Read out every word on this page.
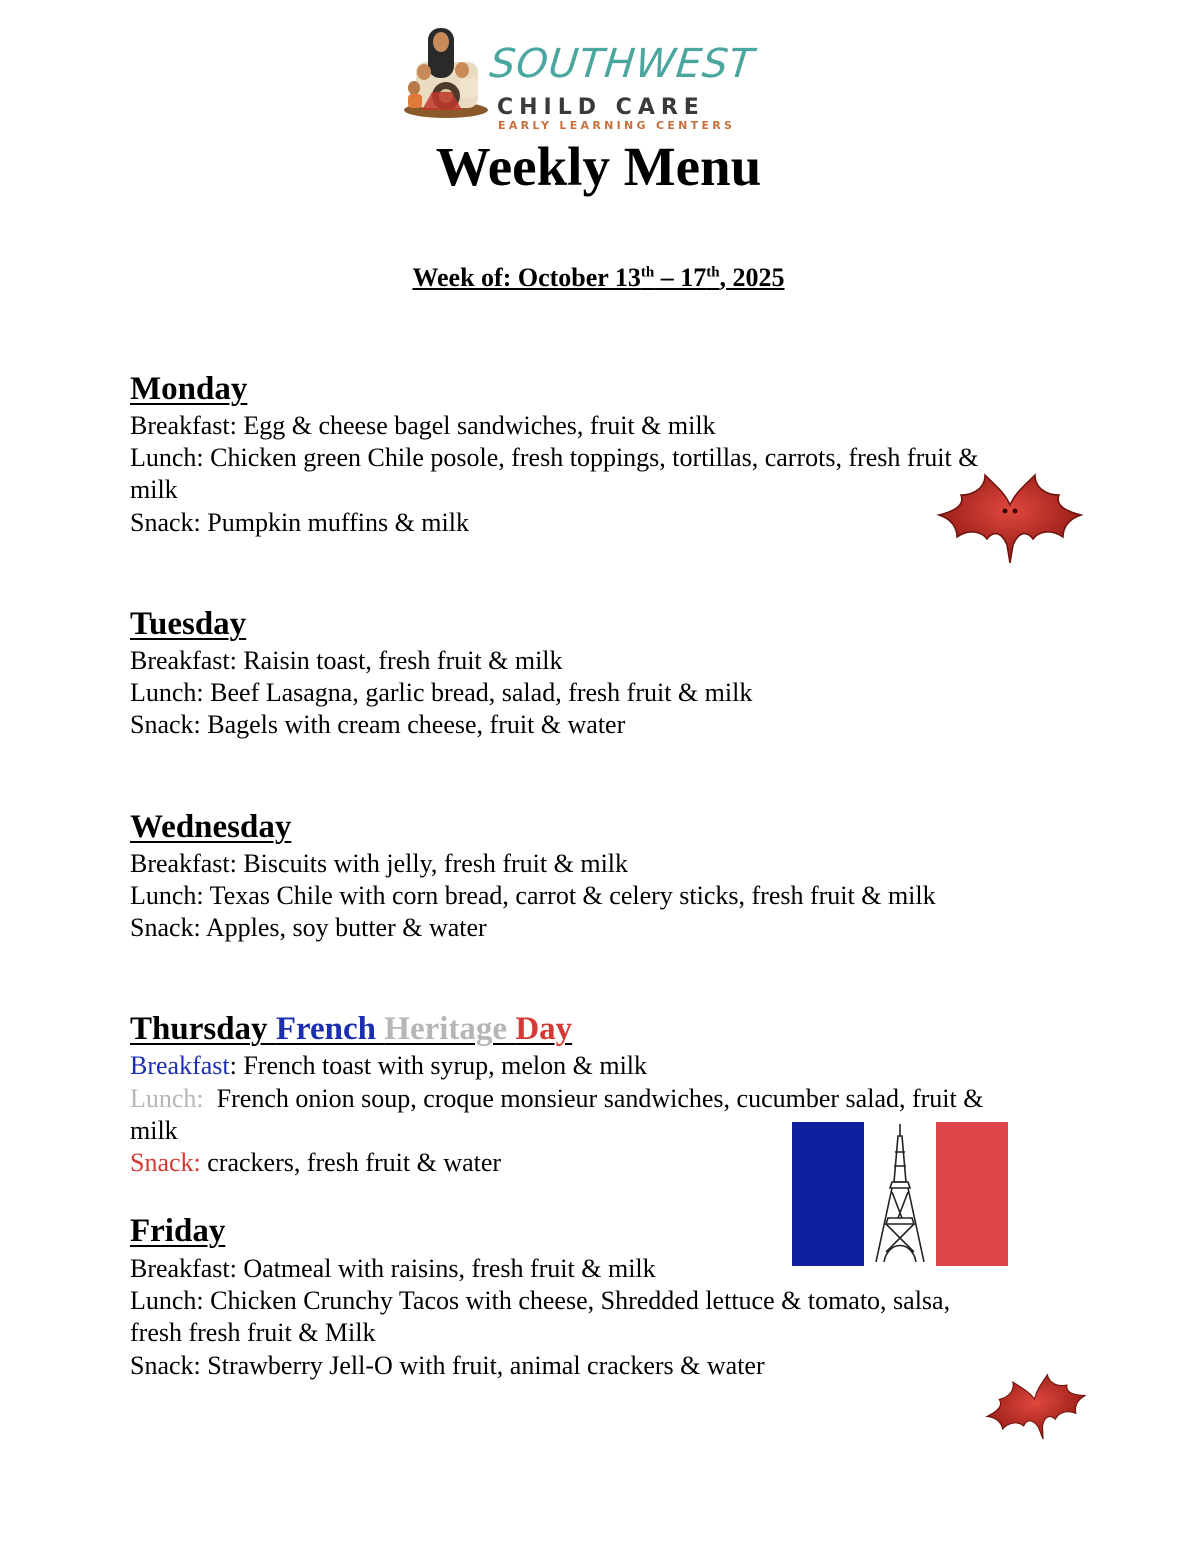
SOUTHWEST
CHILD CARE
EARLY LEARNING CENTERS
Weekly Menu
Week of: October 13th – 17th, 2025
Monday
Breakfast: Egg & cheese bagel sandwiches, fruit & milk
Lunch: Chicken green Chile posole, fresh toppings, tortillas, carrots, fresh fruit &
milk
Snack: Pumpkin muffins & milk
Tuesday
Breakfast: Raisin toast, fresh fruit & milk
Lunch: Beef Lasagna, garlic bread, salad, fresh fruit & milk
Snack: Bagels with cream cheese, fruit & water
Wednesday
Breakfast: Biscuits with jelly, fresh fruit & milk
Lunch: Texas Chile with corn bread, carrot & celery sticks, fresh fruit & milk
Snack: Apples, soy butter & water
Thursday French Heritage Day
Breakfast: French toast with syrup, melon & milk
Lunch: French onion soup, croque monsieur sandwiches, cucumber salad, fruit &
milk
Snack: crackers, fresh fruit & water
Friday
Breakfast: Oatmeal with raisins, fresh fruit & milk
Lunch: Chicken Crunchy Tacos with cheese, Shredded lettuce & tomato, salsa,
fresh fresh fruit & Milk
Snack: Strawberry Jell-O with fruit, animal crackers & water
